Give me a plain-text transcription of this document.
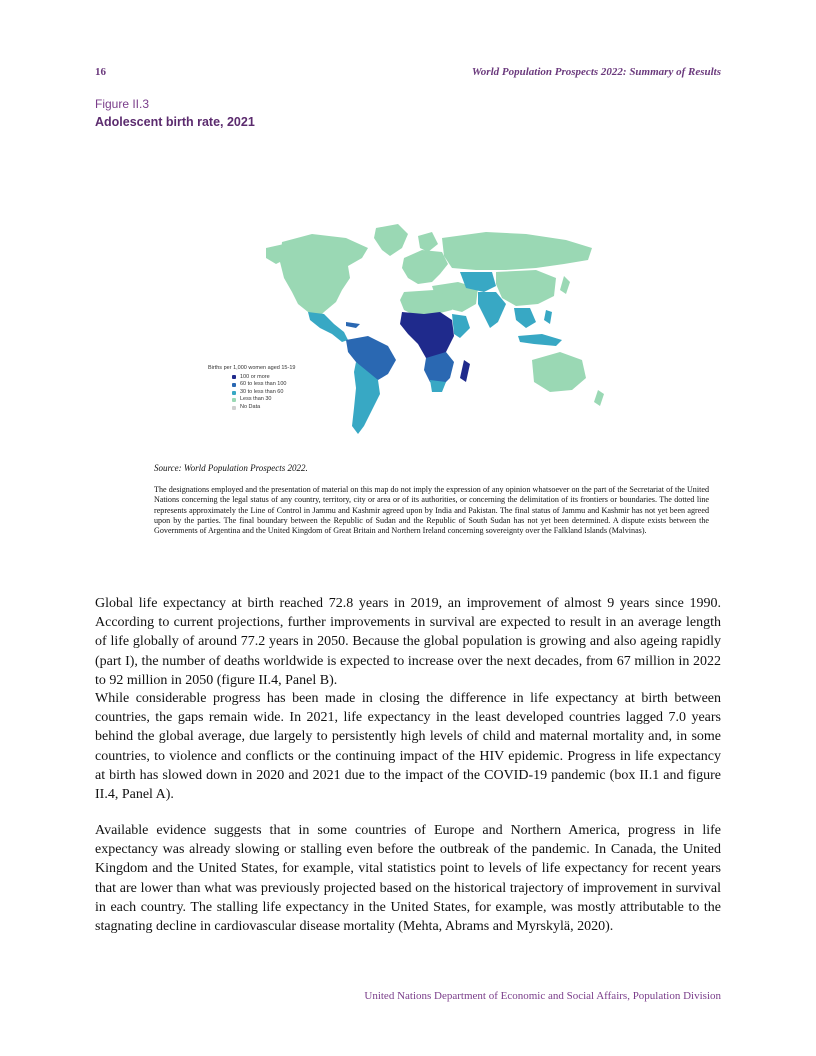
16	World Population Prospects 2022: Summary of Results
Figure II.3
Adolescent birth rate, 2021
Births per 1,000 women aged 15-19
100 or more
60 to less than 100
30 to less than 60
Less than 30
No Data
Source: World Population Prospects 2022.
The designations employed and the presentation of material on this map do not imply the expression of any opinion whatsoever on the part of the Secretariat of the United Nations concerning the legal status of any country, territory, city or area or of its authorities, or concerning the delimitation of its frontiers or boundaries. The dotted line represents approximately the Line of Control in Jammu and Kashmir agreed upon by India and Pakistan. The final status of Jammu and Kashmir has not yet been agreed upon by the parties. The final boundary between the Republic of Sudan and the Republic of South Sudan has not yet been determined. A dispute exists between the Governments of Argentina and the United Kingdom of Great Britain and Northern Ireland concerning sovereignty over the Falkland Islands (Malvinas).

Global life expectancy at birth reached 72.8 years in 2019, an improvement of almost 9 years since 1990. According to current projections, further improvements in survival are expected to result in an average length of life globally of around 77.2 years in 2050. Because the global population is growing and also ageing rapidly (part I), the number of deaths worldwide is expected to increase over the next decades, from 67 million in 2022 to 92 million in 2050 (figure II.4, Panel B).

While considerable progress has been made in closing the difference in life expectancy at birth between countries, the gaps remain wide. In 2021, life expectancy in the least developed countries lagged 7.0 years behind the global average, due largely to persistently high levels of child and maternal mortality and, in some countries, to violence and conflicts or the continuing impact of the HIV epidemic. Progress in life expectancy at birth has slowed down in 2020 and 2021 due to the impact of the COVID-19 pandemic (box II.1 and figure II.4, Panel A).

Available evidence suggests that in some countries of Europe and Northern America, progress in life expectancy was already slowing or stalling even before the outbreak of the pandemic. In Canada, the United Kingdom and the United States, for example, vital statistics point to levels of life expectancy for recent years that are lower than what was previously projected based on the historical trajectory of improvement in survival in each country. The stalling life expectancy in the United States, for example, was mostly attributable to the stagnating decline in cardiovascular disease mortality (Mehta, Abrams and Myrskylä, 2020).

United Nations Department of Economic and Social Affairs, Population Division
